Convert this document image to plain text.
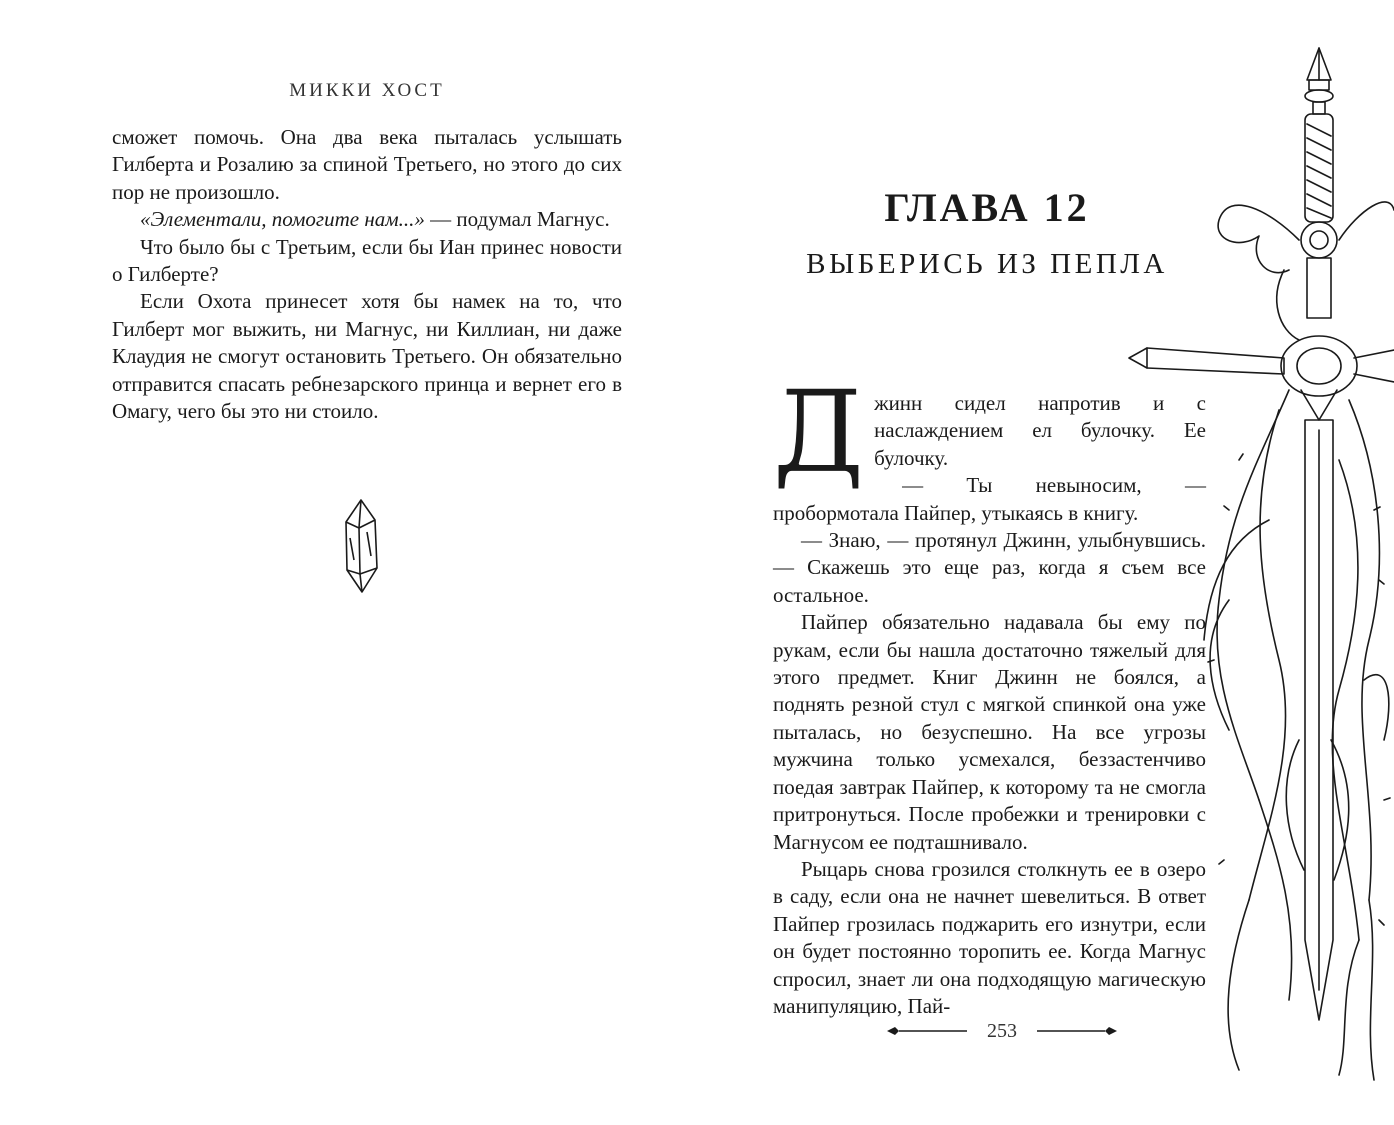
МИККИ ХОСТ

сможет помочь. Она два века пыталась услышать Гилберта и Розалию за спиной Третьего, но этого до сих пор не произошло.

«Элементали, помогите нам...» — подумал Магнус.

Что было бы с Третьим, если бы Иан принес новости о Гилберте?

Если Охота принесет хотя бы намек на то, что Гилберт мог выжить, ни Магнус, ни Киллиан, ни даже Клаудия не смогут остановить Третьего. Он обязательно отправится спасать ребнезарского принца и вернет его в Омагу, чего бы это ни стоило.

ГЛАВА 12
ВЫБЕРИСЬ ИЗ ПЕПЛА

Джинн сидел напротив и с наслаждением ел булочку. Ее булочку.

— Ты невыносим, — пробормотала Пайпер, утыкаясь в книгу.

— Знаю, — протянул Джинн, улыбнувшись. — Скажешь это еще раз, когда я съем все остальное.

Пайпер обязательно надавала бы ему по рукам, если бы нашла достаточно тяжелый для этого предмет. Книг Джинн не боялся, а поднять резной стул с мягкой спинкой она уже пыталась, но безуспешно. На все угрозы мужчина только усмехался, беззастенчиво поедая завтрак Пайпер, к которому та не смогла притронуться. После пробежки и тренировки с Магнусом ее подташнивало.

Рыцарь снова грозился столкнуть ее в озеро в саду, если она не начнет шевелиться. В ответ Пайпер грозилась поджарить его изнутри, если он будет постоянно торопить ее. Когда Магнус спросил, знает ли она подходящую магическую манипуляцию, Пай-

253
